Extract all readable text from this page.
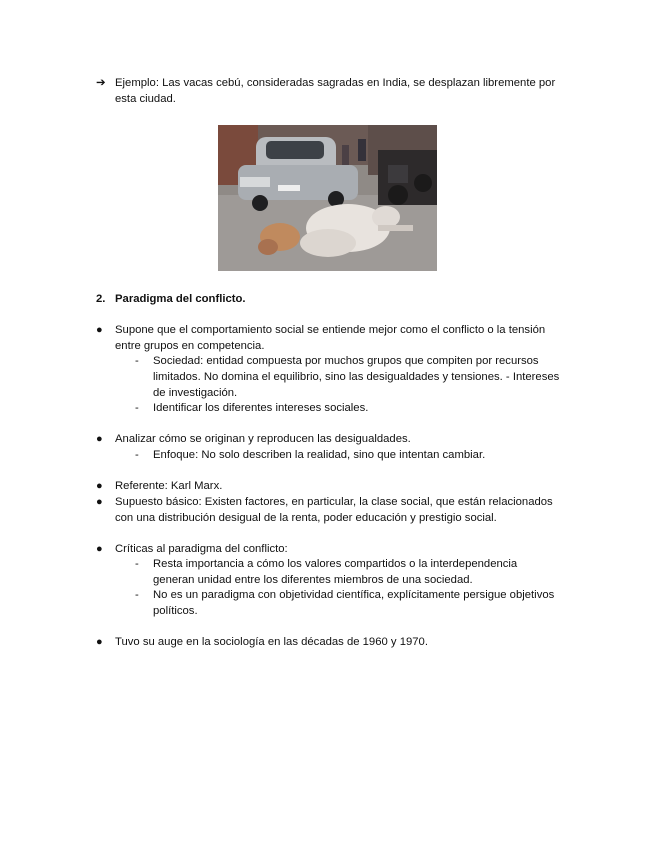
➔ Ejemplo: Las vacas cebú, consideradas sagradas en India, se desplazan libremente por
esta ciudad.
2. Paradigma del conflicto.
● Supone que el comportamiento social se entiende mejor como el conflicto o la tensión
entre grupos en competencia.
- Sociedad: entidad compuesta por muchos grupos que compiten por recursos
limitados. No domina el equilibrio, sino las desigualdades y tensiones. - Intereses
de investigación.
- Identificar los diferentes intereses sociales.
● Analizar cómo se originan y reproducen las desigualdades.
- Enfoque: No solo describen la realidad, sino que intentan cambiar.
● Referente: Karl Marx.
● Supuesto básico: Existen factores, en particular, la clase social, que están relacionados
con una distribución desigual de la renta, poder educación y prestigio social.
● Críticas al paradigma del conflicto:
- Resta importancia a cómo los valores compartidos o la interdependencia
generan unidad entre los diferentes miembros de una sociedad.
- No es un paradigma con objetividad científica, explícitamente persigue objetivos
políticos.
● Tuvo su auge en la sociología en las décadas de 1960 y 1970.
